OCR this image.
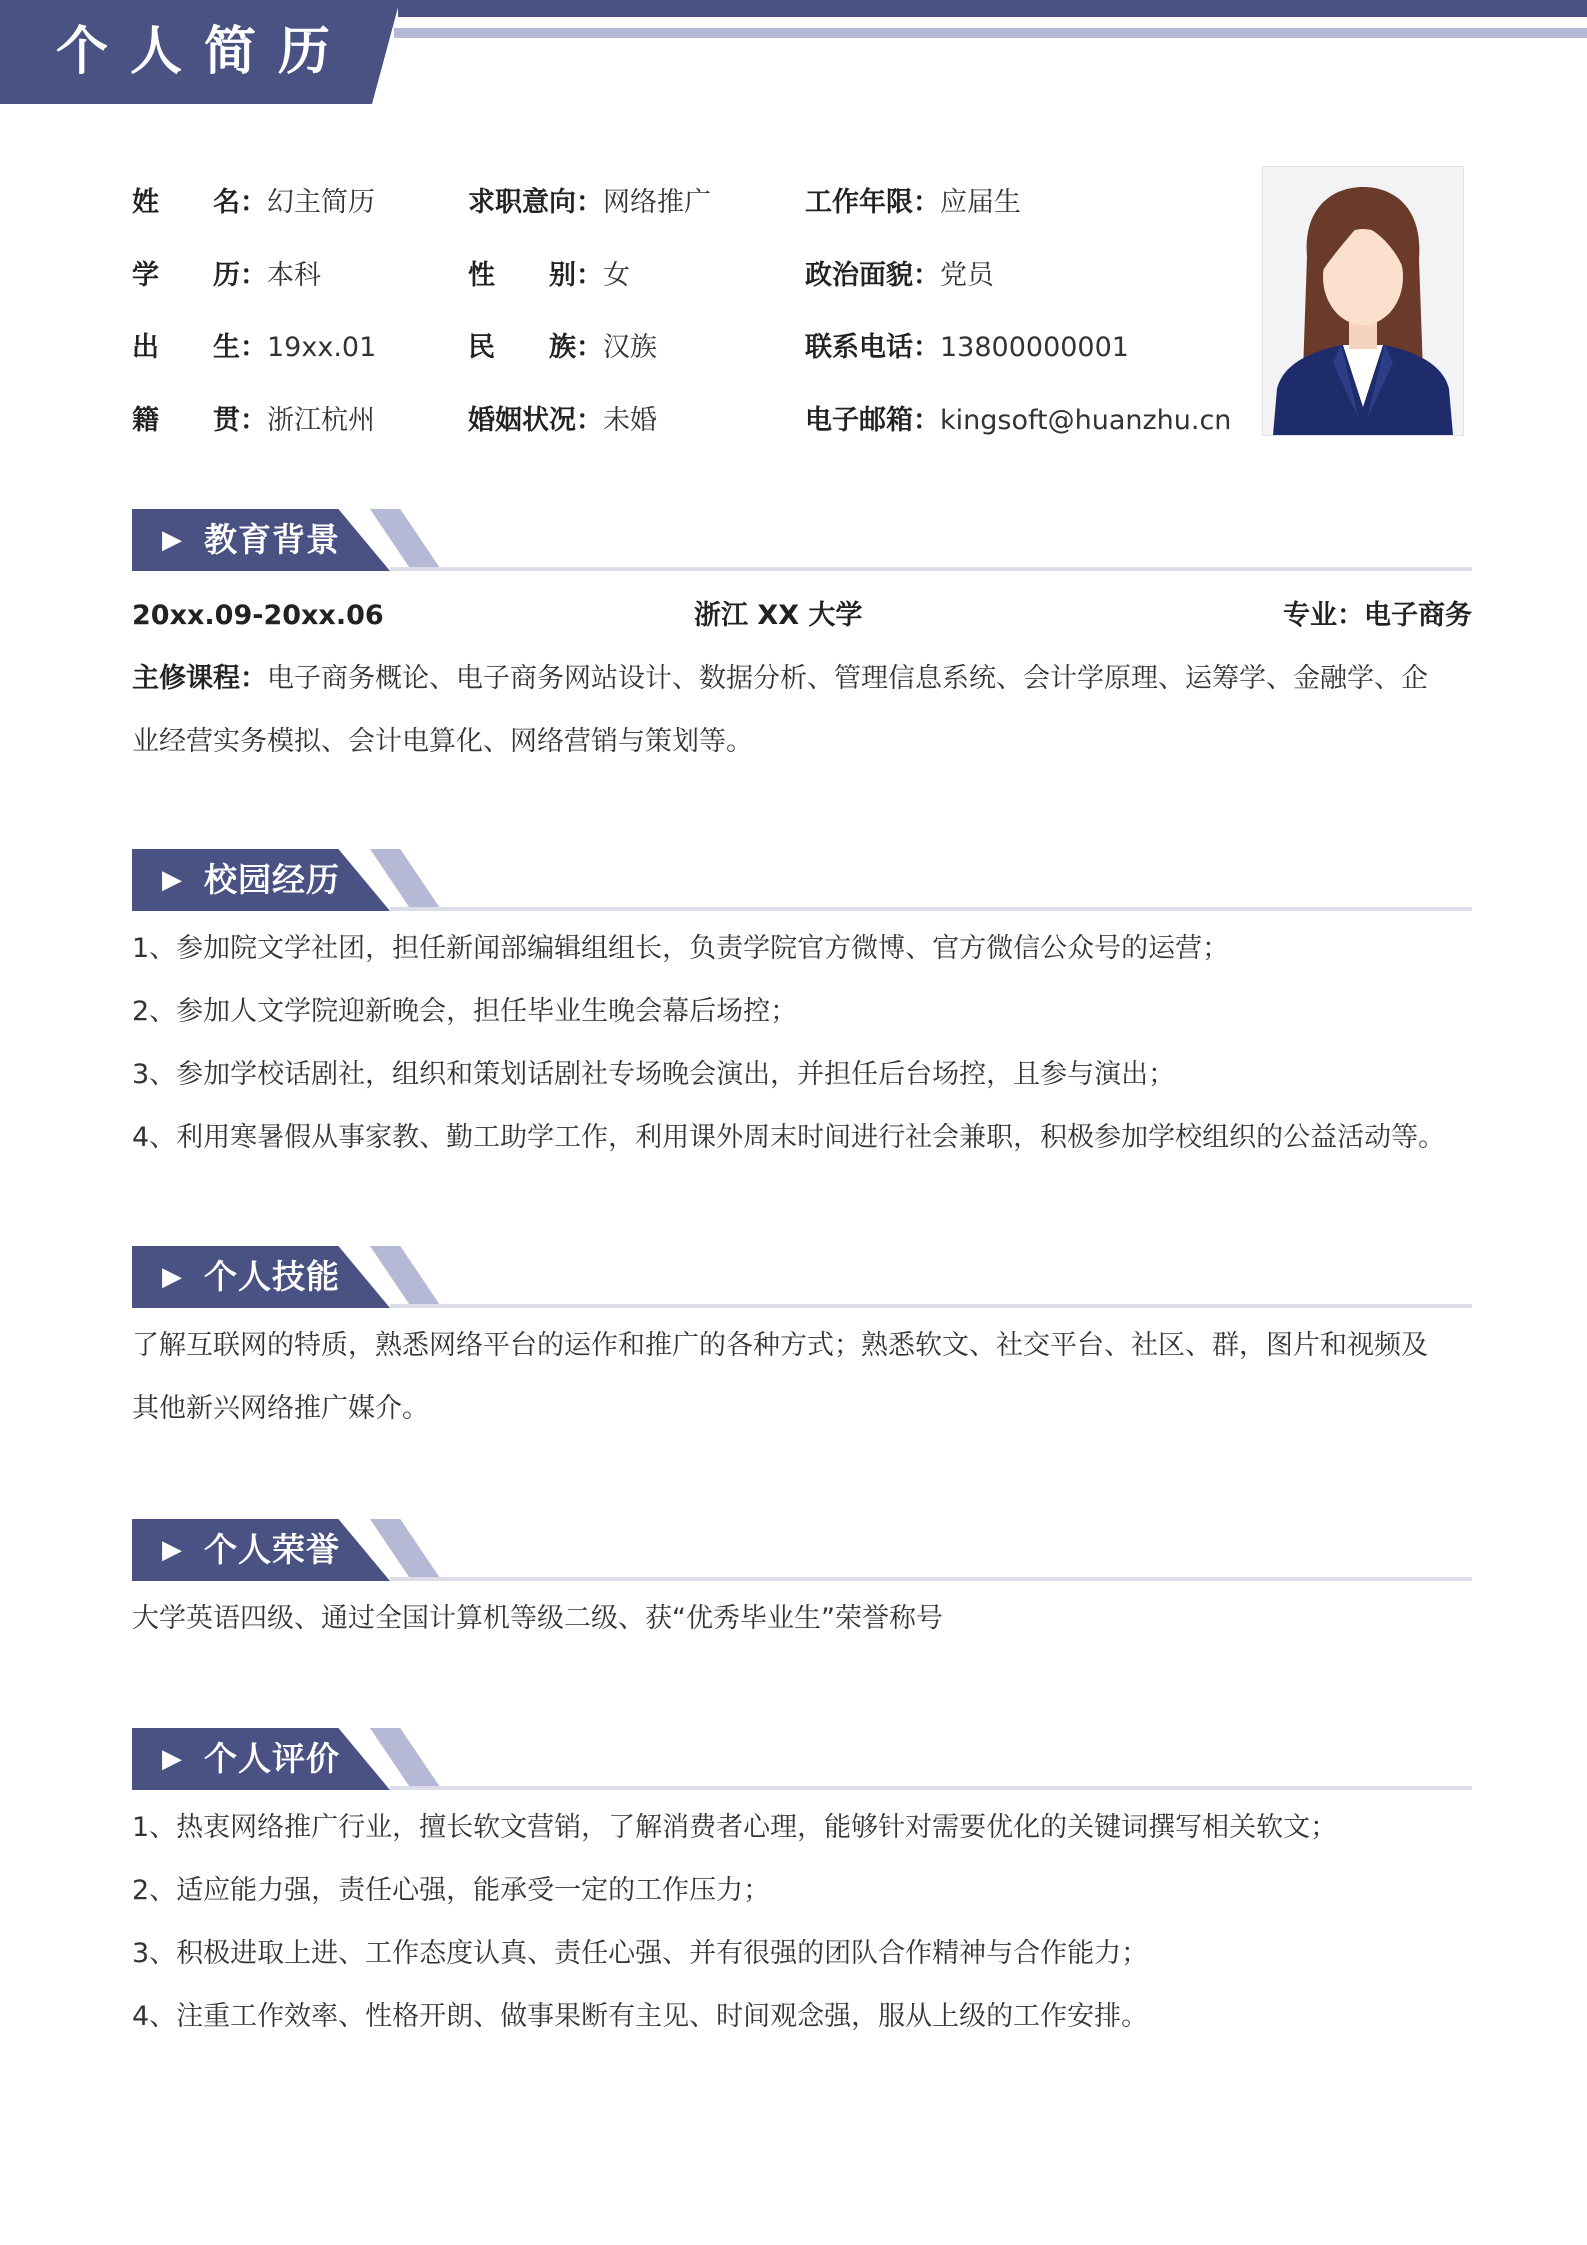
个人简历
姓　　名：幻主简历	求职意向：网络推广	工作年限：应届生
学　　历：本科	性　　别：女	政治面貌：党员
出　　生：19xx.01	民　　族：汉族	联系电话：13800000001
籍　　贯：浙江杭州	婚姻状况：未婚	电子邮箱：kingsoft@huanzhu.cn
▶ 教育背景
20xx.09-20xx.06	浙江 XX 大学	专业：电子商务

主修课程：电子商务概论、电子商务网站设计、数据分析、管理信息系统、会计学原理、运筹学、金融学、企

业经营实务模拟、会计电算化、网络营销与策划等。

▶ 校园经历

1、参加院文学社团，担任新闻部编辑组组长，负责学院官方微博、官方微信公众号的运营；

2、参加人文学院迎新晚会，担任毕业生晚会幕后场控；

3、参加学校话剧社，组织和策划话剧社专场晚会演出，并担任后台场控，且参与演出；

4、利用寒暑假从事家教、勤工助学工作，利用课外周末时间进行社会兼职，积极参加学校组织的公益活动等。

▶ 个人技能

了解互联网的特质，熟悉网络平台的运作和推广的各种方式；熟悉软文、社交平台、社区、群，图片和视频及

其他新兴网络推广媒介。

▶ 个人荣誉

大学英语四级、通过全国计算机等级二级、获“优秀毕业生”荣誉称号

▶ 个人评价

1、热衷网络推广行业，擅长软文营销，了解消费者心理，能够针对需要优化的关键词撰写相关软文；

2、适应能力强，责任心强，能承受一定的工作压力；

3、积极进取上进、工作态度认真、责任心强、并有很强的团队合作精神与合作能力；

4、注重工作效率、性格开朗、做事果断有主见、时间观念强，服从上级的工作安排。
